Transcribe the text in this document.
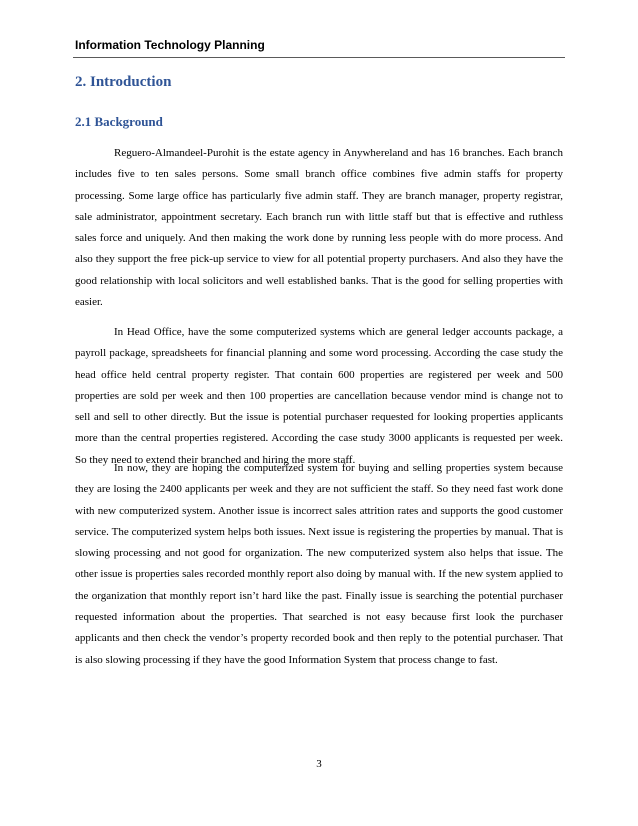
Information Technology Planning
2. Introduction
2.1 Background

Reguero-Almandeel-Purohit is the estate agency in Anywhereland and has 16 branches. Each branch includes five to ten sales persons. Some small branch office combines five admin staffs for property processing. Some large office has particularly five admin staff. They are branch manager, property registrar, sale administrator, appointment secretary. Each branch run with little staff but that is effective and ruthless sales force and uniquely. And then making the work done by running less people with do more process. And also they support the free pick-up service to view for all potential property purchasers. And also they have the good relationship with local solicitors and well established banks. That is the good for selling properties with easier.

In Head Office, have the some computerized systems which are general ledger accounts package, a payroll package, spreadsheets for financial planning and some word processing. According the case study the head office held central property register. That contain 600 properties are registered per week and 500 properties are sold per week and then 100 properties are cancellation because vendor mind is change not to sell and sell to other directly. But the issue is potential purchaser requested for looking properties applicants more than the central properties registered. According the case study 3000 applicants is requested per week. So they need to extend their branched and hiring the more staff.

In now, they are hoping the computerized system for buying and selling properties system because they are losing the 2400 applicants per week and they are not sufficient the staff. So they need fast work done with new computerized system. Another issue is incorrect sales attrition rates and supports the good customer service. The computerized system helps both issues. Next issue is registering the properties by manual. That is slowing processing and not good for organization. The new computerized system also helps that issue. The other issue is properties sales recorded monthly report also doing by manual with. If the new system applied to the organization that monthly report isn’t hard like the past. Finally issue is searching the potential purchaser requested information about the properties. That searched is not easy because first look the purchaser applicants and then check the vendor’s property recorded book and then reply to the potential purchaser. That is also slowing processing if they have the good Information System that process change to fast.

3
